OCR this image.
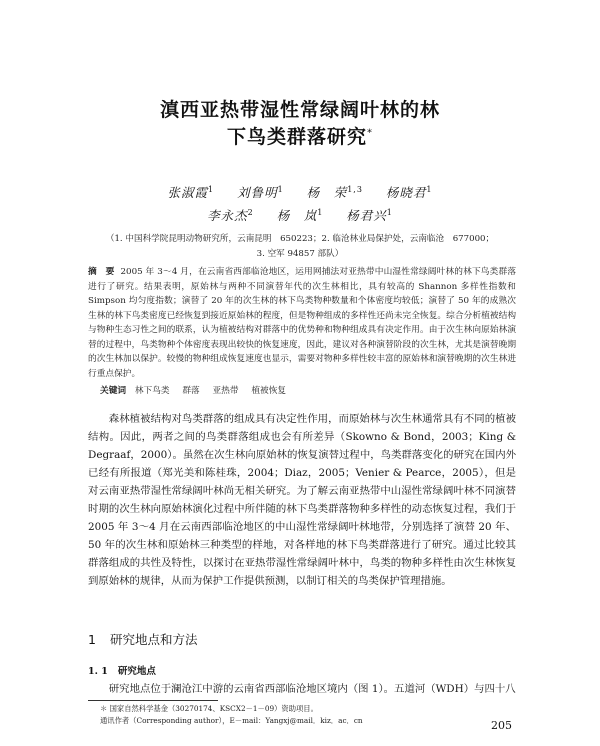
滇西亚热带湿性常绿阔叶林的林
下鸟类群落研究*
张淑霞$^1$ 刘鲁明$^1$ 杨　荣$^{1,3}$ 杨晓君$^1$
李永杰$^2$ 杨　岚$^1$ 杨君兴$^1$
（1. 中国科学院昆明动物研究所，云南昆明　650223；2. 临沧林业局保护处，云南临沧　677000；
3. 空军 94857 部队）
摘　要 2005 年 3～4 月，在云南省西部临沧地区，运用网捕法对亚热带中山湿性常绿阔叶林的林下鸟类群落进行了研究。结果表明，原始林与两种不同演替年代的次生林相比，具有较高的 Shannon 多样性指数和 Simpson 均匀度指数；演替了 20 年的次生林的林下鸟类物种数量和个体密度均较低；演替了 50 年的成熟次生林的林下鸟类密度已经恢复到接近原始林的程度，但是物种组成的多样性还尚未完全恢复。综合分析植被结构与物种生态习性之间的联系，认为植被结构对群落中的优势种和物种组成具有决定作用。由于次生林向原始林演替的过程中，鸟类物种个体密度表现出较快的恢复速度，因此，建议对各种演替阶段的次生林，尤其是演替晚期的次生林加以保护。较慢的物种组成恢复速度也显示，需要对物种多样性较丰富的原始林和演替晚期的次生林进行重点保护。
关键词 林下鸟类 群落 亚热带 植被恢复
森林植被结构对鸟类群落的组成具有决定性作用，而原始林与次生林通常具有不同的植被结构。因此，两者之间的鸟类群落组成也会有所差异（Skowno & Bond，2003；King & Degraaf，2000）。虽然在次生林向原始林的恢复演替过程中，鸟类群落变化的研究在国内外已经有所报道（郑光美和陈桂珠，2004；Diaz，2005；Venier & Pearce，2005），但是对云南亚热带湿性常绿阔叶林尚无相关研究。为了解云南亚热带中山湿性常绿阔叶林不同演替时期的次生林向原始林演化过程中所伴随的林下鸟类群落物种多样性的动态恢复过程，我们于 2005 年 3～4 月在云南西部临沧地区的中山湿性常绿阔叶林地带，分别选择了演替 20 年、50 年的次生林和原始林三种类型的样地，对各样地的林下鸟类群落进行了研究。通过比较其群落组成的共性及特性，以探讨在亚热带湿性常绿阔叶林中，鸟类的物种多样性由次生林恢复到原始林的规律，从而为保护工作提供预测，以制订相关的鸟类保护管理措施。
1 研究地点和方法
1. 1 研究地点
研究地点位于澜沧江中游的云南省西部临沧地区境内（图 1）。五道河（WDH）与四十八
＊ 国家自然科学基金（30270174、KSCX2－1－09）资助项目。
通讯作者（Corresponding author），E－mail：Yangxj@mail．kiz．ac．cn	205
